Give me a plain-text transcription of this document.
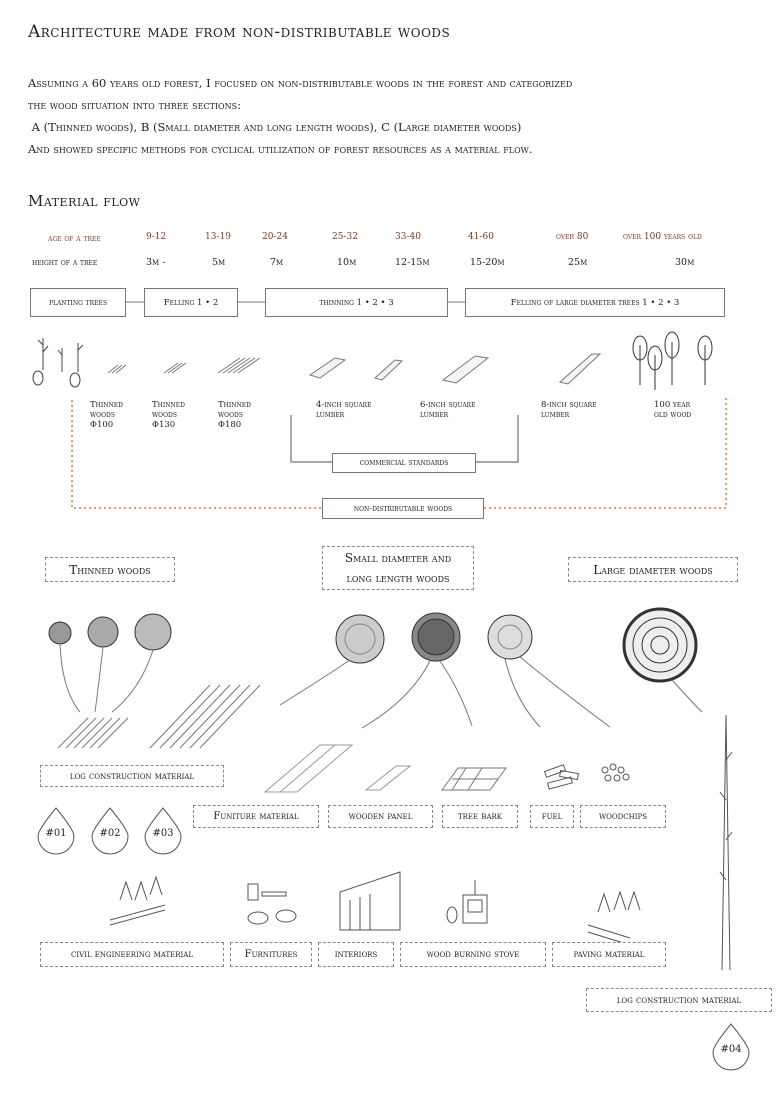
Architecture made from non-distributable woods
Assuming a 60 years old forest, I focused on non-distributable woods in the forest and categorized
the wood situation into three sections:
A (Thinned woods), B (Small diameter and long length woods), C (Large diameter woods)
And showed specific methods for cyclical utilization of forest resources as a material flow.
Material flow
age of a tree
height of a tree
9-12	13-19	20-24	25-32	33-40	41-60	over 80	over 100 years old
3m -	5m	7m	10m	12-15m	15-20m	25m	30m
planting trees	Felling 1 • 2	thinning 1 • 2 • 3	Felling of large diameter trees 1 • 2 • 3
Thinned
woods
Φ100
Thinned
woods
Φ130
Thinned
woods
Φ180
4-inch square
lumber
6-inch square
lumber
8-inch square
lumber
100 year
old wood
commercial standards
non-distributable woods
Thinned woods
Small diameter and
long length woods
Large diameter woods
log construction material
Funiture material	wooden panel	tree bark	fuel	woodchips
civil engineering material	Furnitures	interiors	wood burning stove	paving material
log construction material
#01	#02	#03
#04
